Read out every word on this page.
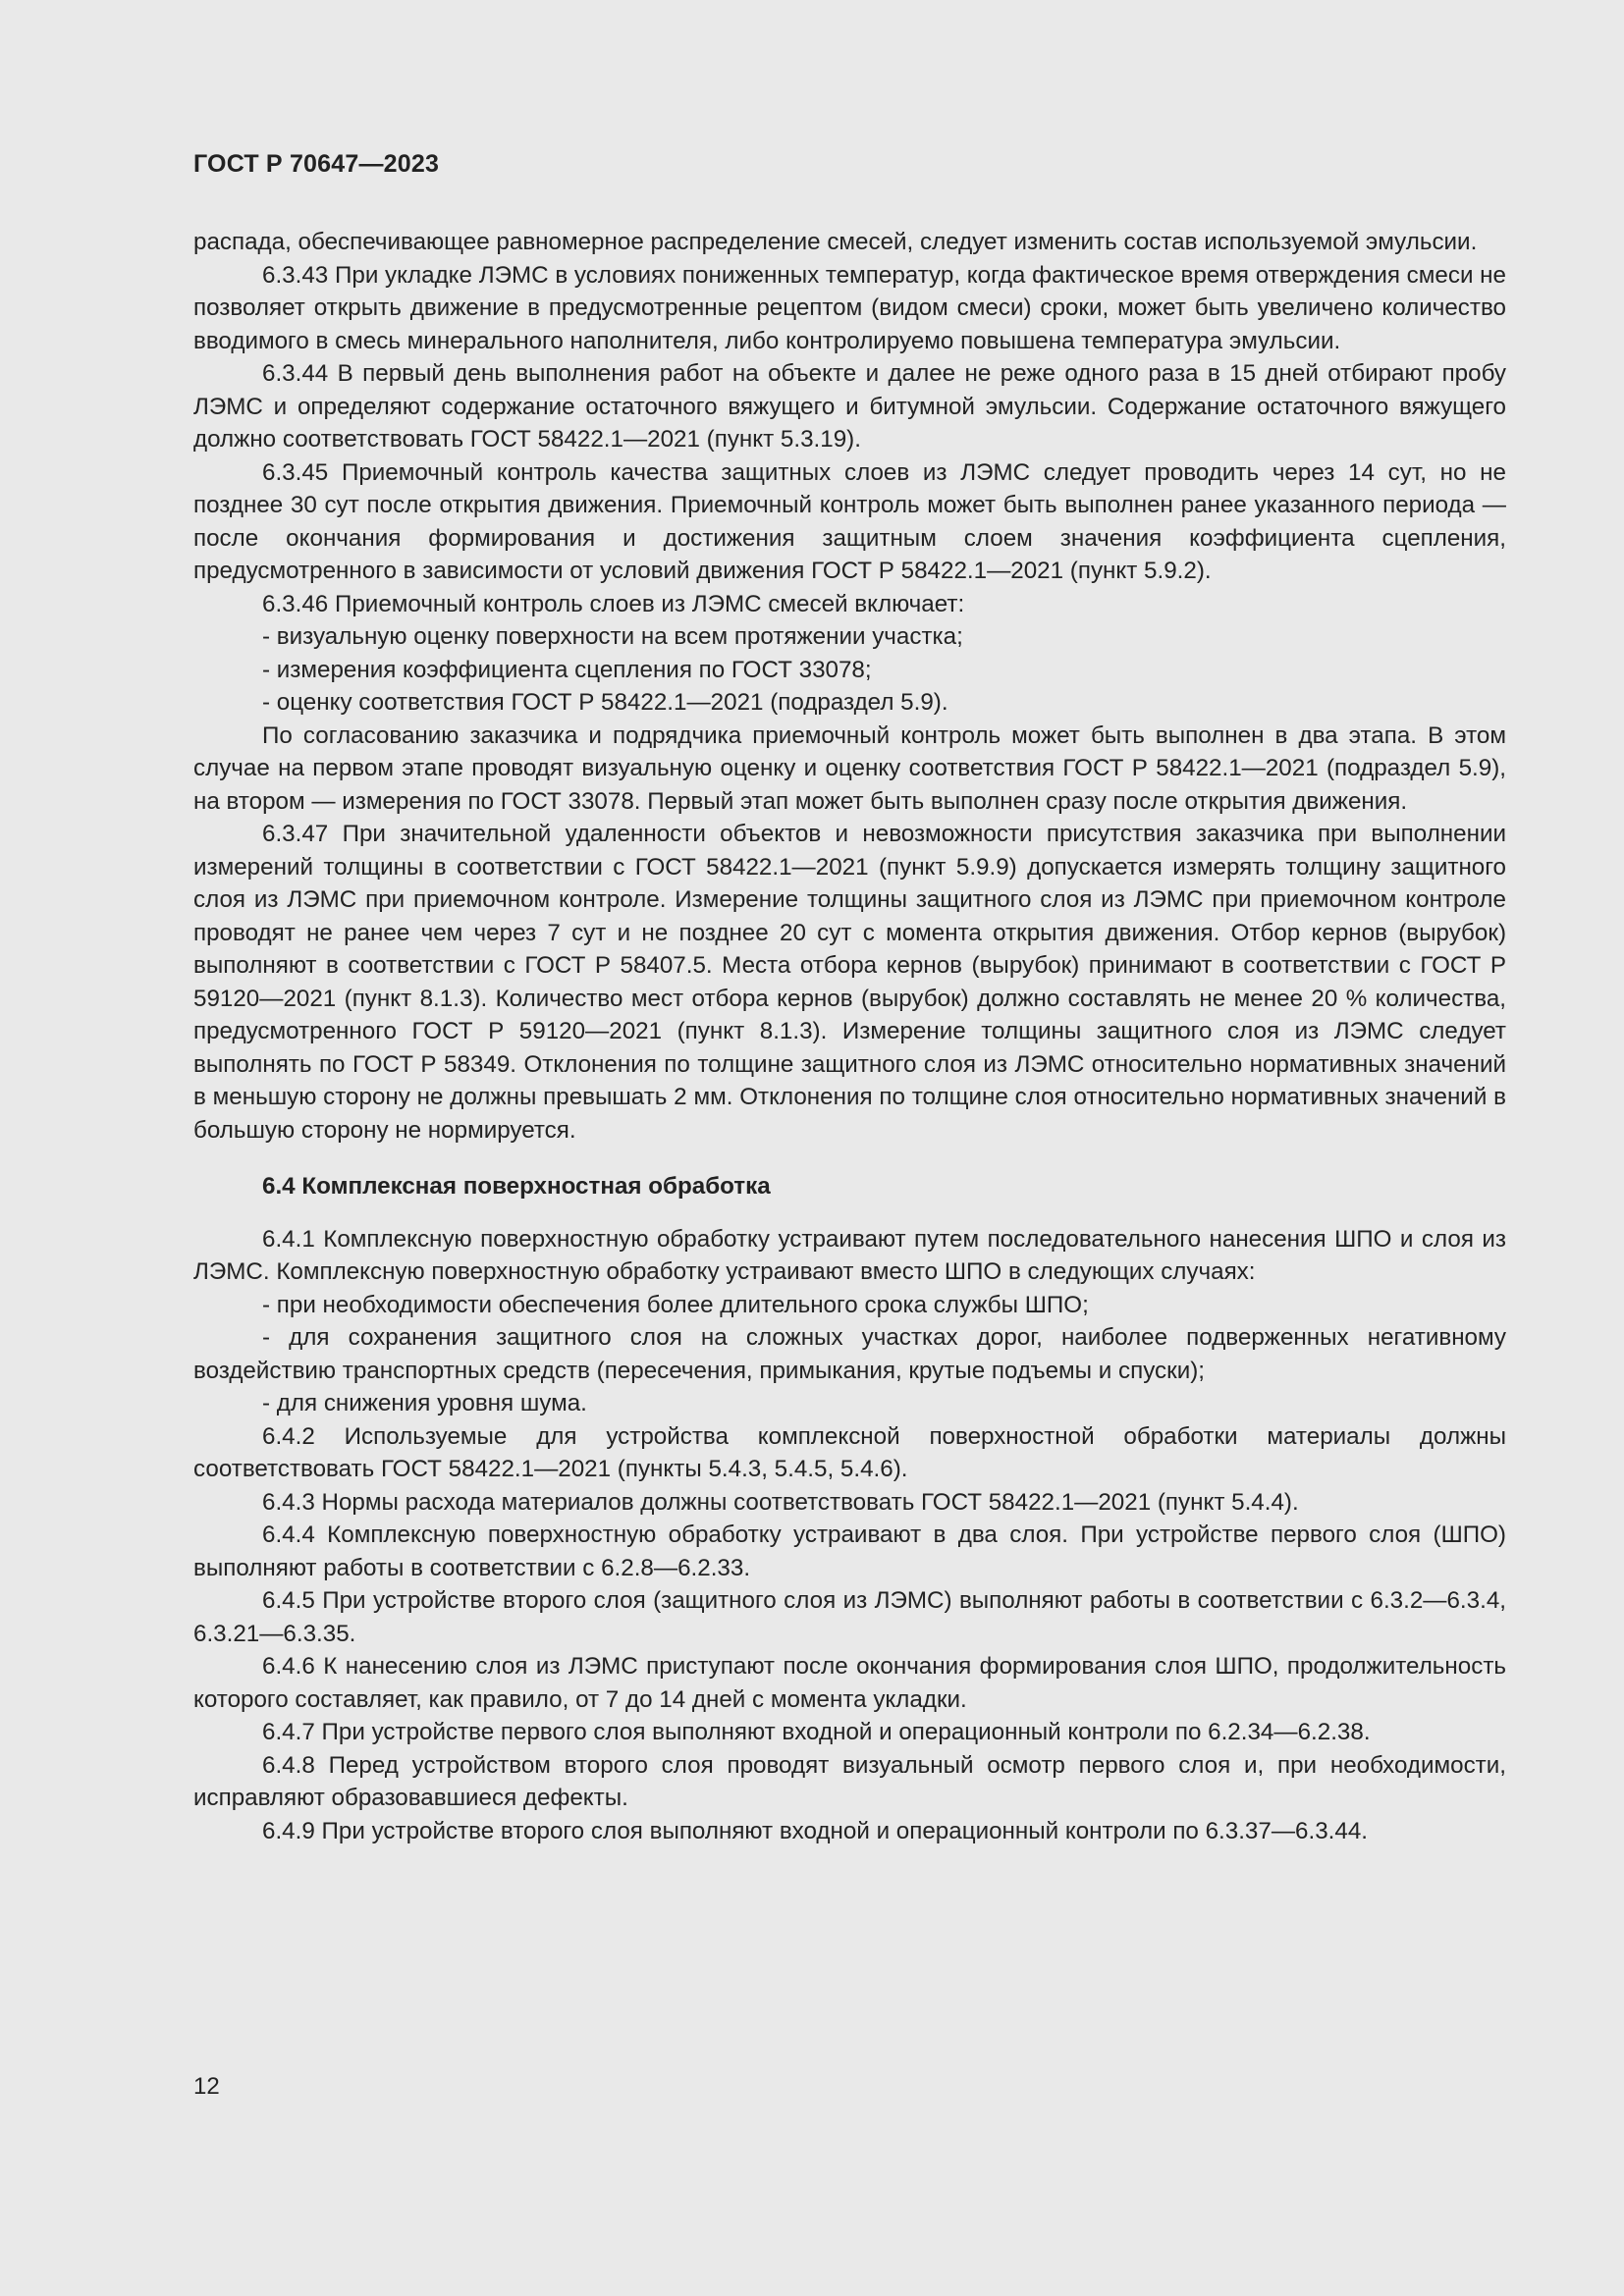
ГОСТ Р 70647—2023

распада, обеспечивающее равномерное распределение смесей, следует изменить состав используемой эмульсии.

6.3.43 При укладке ЛЭМС в условиях пониженных температур, когда фактическое время отверждения смеси не позволяет открыть движение в предусмотренные рецептом (видом смеси) сроки, может быть увеличено количество вводимого в смесь минерального наполнителя, либо контролируемо повышена температура эмульсии.

6.3.44 В первый день выполнения работ на объекте и далее не реже одного раза в 15 дней отбирают пробу ЛЭМС и определяют содержание остаточного вяжущего и битумной эмульсии. Содержание остаточного вяжущего должно соответствовать ГОСТ 58422.1—2021 (пункт 5.3.19).

6.3.45 Приемочный контроль качества защитных слоев из ЛЭМС следует проводить через 14 сут, но не позднее 30 сут после открытия движения. Приемочный контроль может быть выполнен ранее указанного периода — после окончания формирования и достижения защитным слоем значения коэффициента сцепления, предусмотренного в зависимости от условий движения ГОСТ Р 58422.1—2021 (пункт 5.9.2).

6.3.46 Приемочный контроль слоев из ЛЭМС смесей включает:

- визуальную оценку поверхности на всем протяжении участка;

- измерения коэффициента сцепления по ГОСТ 33078;

- оценку соответствия ГОСТ Р 58422.1—2021 (подраздел 5.9).

По согласованию заказчика и подрядчика приемочный контроль может быть выполнен в два этапа. В этом случае на первом этапе проводят визуальную оценку и оценку соответствия ГОСТ Р 58422.1—2021 (подраздел 5.9), на втором — измерения по ГОСТ 33078. Первый этап может быть выполнен сразу после открытия движения.

6.3.47 При значительной удаленности объектов и невозможности присутствия заказчика при выполнении измерений толщины в соответствии с ГОСТ 58422.1—2021 (пункт 5.9.9) допускается измерять толщину защитного слоя из ЛЭМС при приемочном контроле. Измерение толщины защитного слоя из ЛЭМС при приемочном контроле проводят не ранее чем через 7 сут и не позднее 20 сут с момента открытия движения. Отбор кернов (вырубок) выполняют в соответствии с ГОСТ Р 58407.5. Места отбора кернов (вырубок) принимают в соответствии с ГОСТ Р 59120—2021 (пункт 8.1.3). Количество мест отбора кернов (вырубок) должно составлять не менее 20 % количества, предусмотренного ГОСТ Р 59120—2021 (пункт 8.1.3). Измерение толщины защитного слоя из ЛЭМС следует выполнять по ГОСТ Р 58349. Отклонения по толщине защитного слоя из ЛЭМС относительно нормативных значений в меньшую сторону не должны превышать 2 мм. Отклонения по толщине слоя относительно нормативных значений в большую сторону не нормируется.

6.4 Комплексная поверхностная обработка

6.4.1 Комплексную поверхностную обработку устраивают путем последовательного нанесения ШПО и слоя из ЛЭМС. Комплексную поверхностную обработку устраивают вместо ШПО в следующих случаях:

- при необходимости обеспечения более длительного срока службы ШПО;

- для сохранения защитного слоя на сложных участках дорог, наиболее подверженных негативному воздействию транспортных средств (пересечения, примыкания, крутые подъемы и спуски);

- для снижения уровня шума.

6.4.2 Используемые для устройства комплексной поверхностной обработки материалы должны соответствовать ГОСТ 58422.1—2021 (пункты 5.4.3, 5.4.5, 5.4.6).

6.4.3 Нормы расхода материалов должны соответствовать ГОСТ 58422.1—2021 (пункт 5.4.4).

6.4.4 Комплексную поверхностную обработку устраивают в два слоя. При устройстве первого слоя (ШПО) выполняют работы в соответствии с 6.2.8—6.2.33.

6.4.5 При устройстве второго слоя (защитного слоя из ЛЭМС) выполняют работы в соответствии с 6.3.2—6.3.4, 6.3.21—6.3.35.

6.4.6 К нанесению слоя из ЛЭМС приступают после окончания формирования слоя ШПО, продолжительность которого составляет, как правило, от 7 до 14 дней с момента укладки.

6.4.7 При устройстве первого слоя выполняют входной и операционный контроли по 6.2.34—6.2.38.

6.4.8 Перед устройством второго слоя проводят визуальный осмотр первого слоя и, при необходимости, исправляют образовавшиеся дефекты.

6.4.9 При устройстве второго слоя выполняют входной и операционный контроли по 6.3.37—6.3.44.

12
